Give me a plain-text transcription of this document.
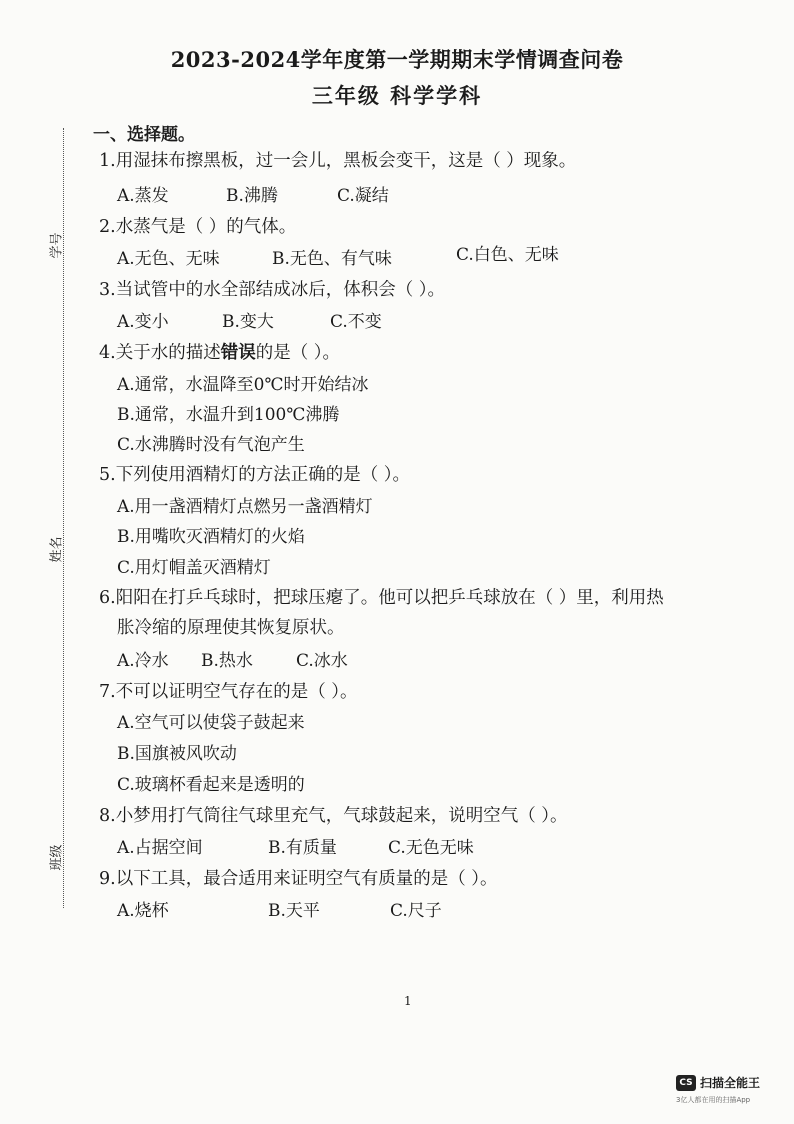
2023-2024学年度第一学期期末学情调查问卷
三年级 科学学科
学号
姓名
班级
一、选择题。
1.用湿抹布擦黑板，过一会儿，黑板会变干，这是（ ）现象。
A.蒸发	B.沸腾	C.凝结
2.水蒸气是（ ）的气体。
A.无色、无味	B.无色、有气味	C.白色、无味
3.当试管中的水全部结成冰后，体积会（ ）。
A.变小	B.变大	C.不变
4.关于水的描述错误的是（ ）。
A.通常，水温降至0℃时开始结冰
B.通常，水温升到100℃沸腾
C.水沸腾时没有气泡产生
5.下列使用酒精灯的方法正确的是（ ）。
A.用一盏酒精灯点燃另一盏酒精灯
B.用嘴吹灭酒精灯的火焰
C.用灯帽盖灭酒精灯
6.阳阳在打乒乓球时，把球压瘪了。他可以把乒乓球放在（ ）里，利用热
胀冷缩的原理使其恢复原状。
A.冷水 B.热水	C.冰水
7.不可以证明空气存在的是（ ）。
A.空气可以使袋子鼓起来
B.国旗被风吹动
C.玻璃杯看起来是透明的
8.小梦用打气筒往气球里充气，气球鼓起来，说明空气（ ）。
A.占据空间	B.有质量	C.无色无味
9.以下工具，最合适用来证明空气有质量的是（ ）。
A.烧杯	B.天平	C.尺子
1
CS 扫描全能王
3亿人都在用的扫描App
